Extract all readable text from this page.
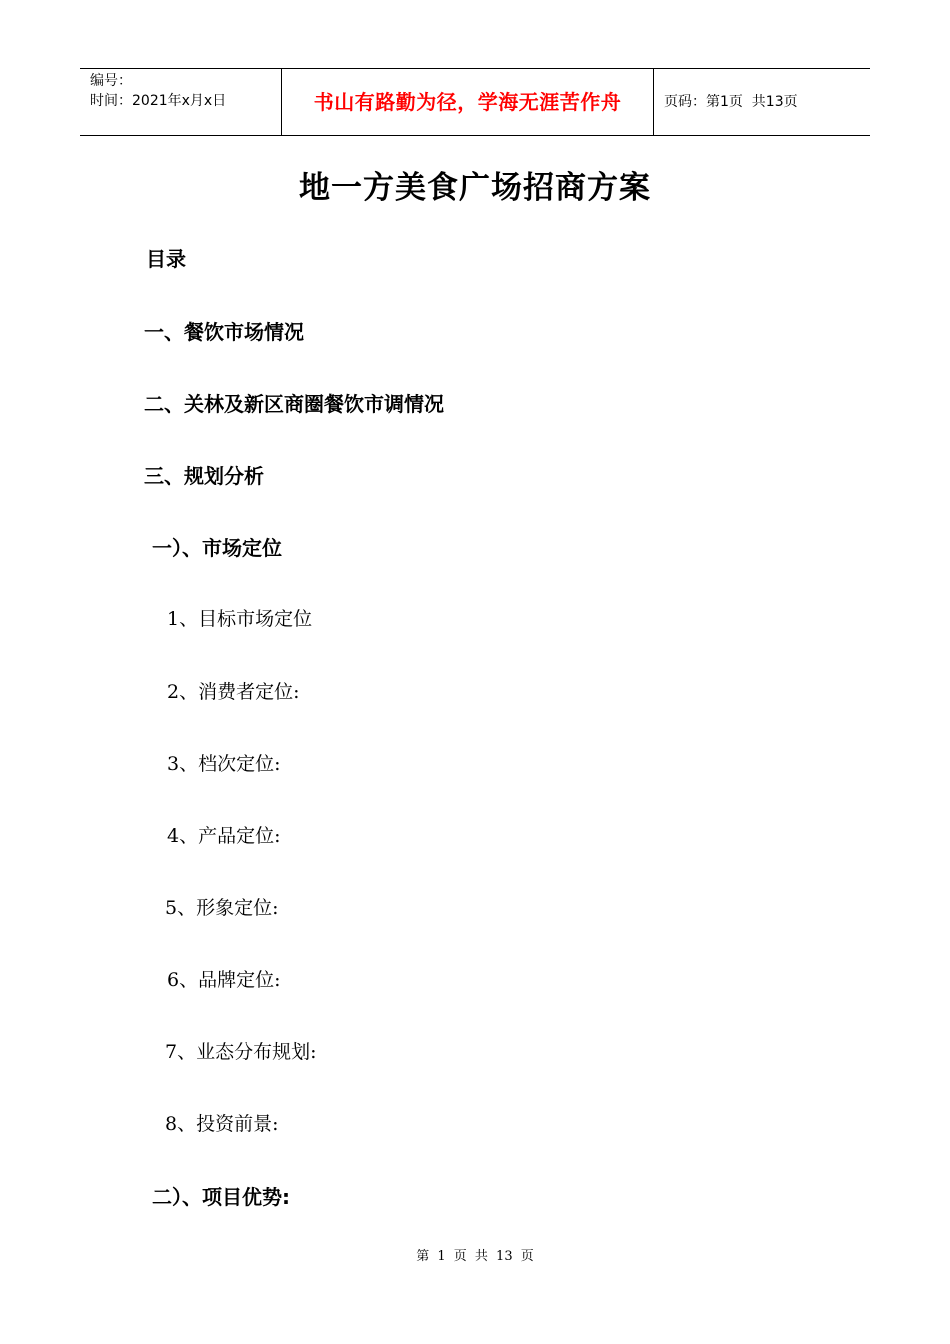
编号：
时间：2021年x月x日	书山有路勤为径，学海无涯苦作舟	页码：第1页  共13页
地一方美食广场招商方案
目录
一、餐饮市场情况
二、关林及新区商圈餐饮市调情况
三、规划分析
一）、市场定位
1、目标市场定位
2、消费者定位:
3、档次定位:
4、产品定位:
5、形象定位:
6、品牌定位:
7、业态分布规划:
8、投资前景:
二）、项目优势:
第 1 页 共 13 页
